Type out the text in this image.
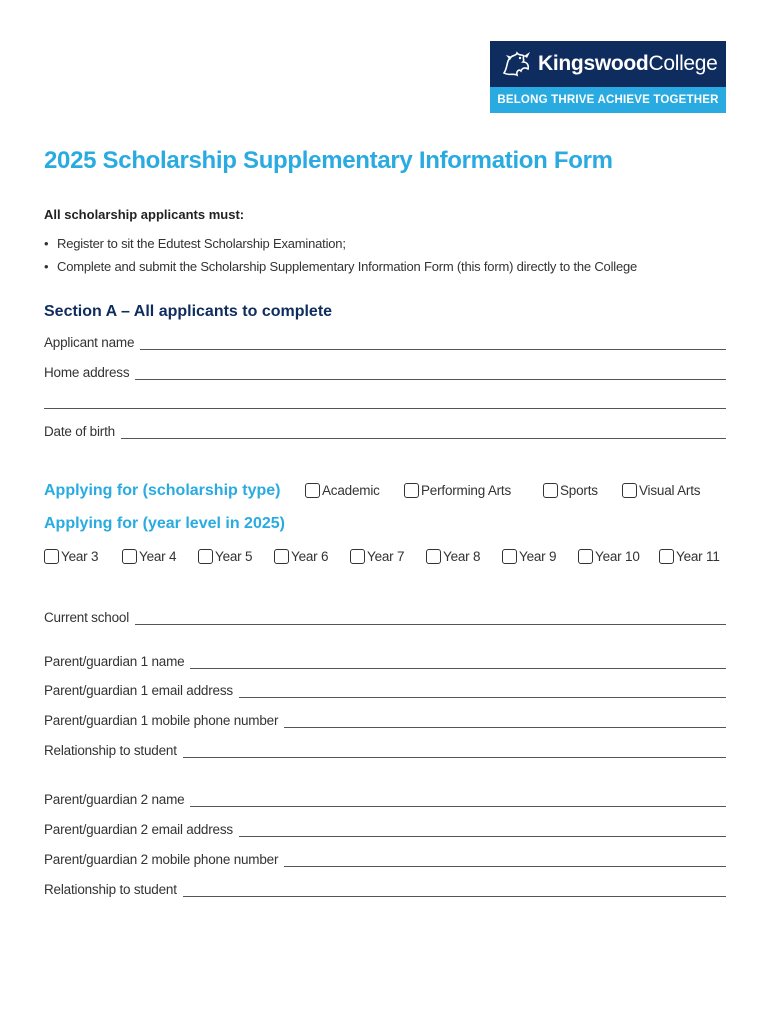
KingswoodCollege
BELONG THRIVE ACHIEVE TOGETHER
2025 Scholarship Supplementary Information Form
All scholarship applicants must:
• Register to sit the Edutest Scholarship Examination;
• Complete and submit the Scholarship Supplementary Information Form (this form) directly to the College
Section A – All applicants to complete
Applicant name
Home address
Date of birth
Applying for (scholarship type)	Academic	Performing Arts	Sports	Visual Arts
Applying for (year level in 2025)
Year 3	Year 4	Year 5	Year 6	Year 7	Year 8	Year 9	Year 10	Year 11
Current school
Parent/guardian 1 name
Parent/guardian 1 email address
Parent/guardian 1 mobile phone number
Relationship to student
Parent/guardian 2 name
Parent/guardian 2 email address
Parent/guardian 2 mobile phone number
Relationship to student
